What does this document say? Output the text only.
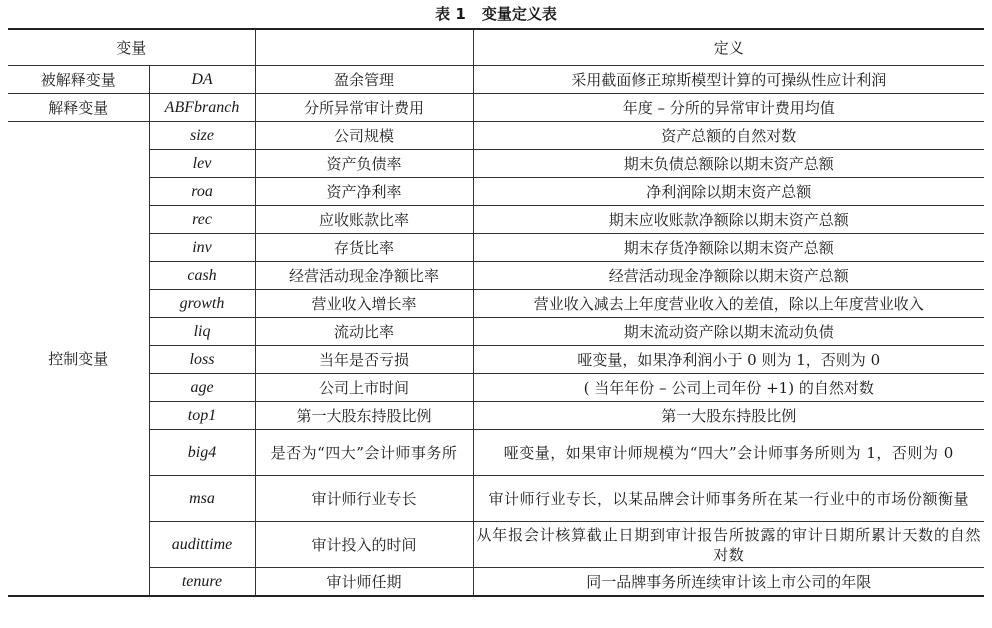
表 1 变量定义表
变量			定义
被解释变量	DA	盈余管理	采用截面修正琼斯模型计算的可操纵性应计利润
解释变量	ABFbranch	分所异常审计费用	年度 – 分所的异常审计费用均值
控制变量	size	公司规模	资产总额的自然对数
	lev	资产负债率	期末负债总额除以期末资产总额
	roa	资产净利率	净利润除以期末资产总额
	rec	应收账款比率	期末应收账款净额除以期末资产总额
	inv	存货比率	期末存货净额除以期末资产总额
	cash	经营活动现金净额比率	经营活动现金净额除以期末资产总额
	growth	营业收入增长率	营业收入减去上年度营业收入的差值，除以上年度营业收入
	liq	流动比率	期末流动资产除以期末流动负债
	loss	当年是否亏损	哑变量，如果净利润小于 0 则为 1，否则为 0
	age	公司上市时间	( 当年年份 – 公司上司年份 +1) 的自然对数
	top1	第一大股东持股比例	第一大股东持股比例
	big4	是否为“四大”会计师事务所	哑变量，如果审计师规模为“四大”会计师事务所则为 1，否则为 0
	msa	审计师行业专长	审计师行业专长，以某品牌会计师事务所在某一行业中的市场份额衡量
	audittime	审计投入的时间	从年报会计核算截止日期到审计报告所披露的审计日期所累计天数的自然对数
	tenure	审计师任期	同一品牌事务所连续审计该上市公司的年限
